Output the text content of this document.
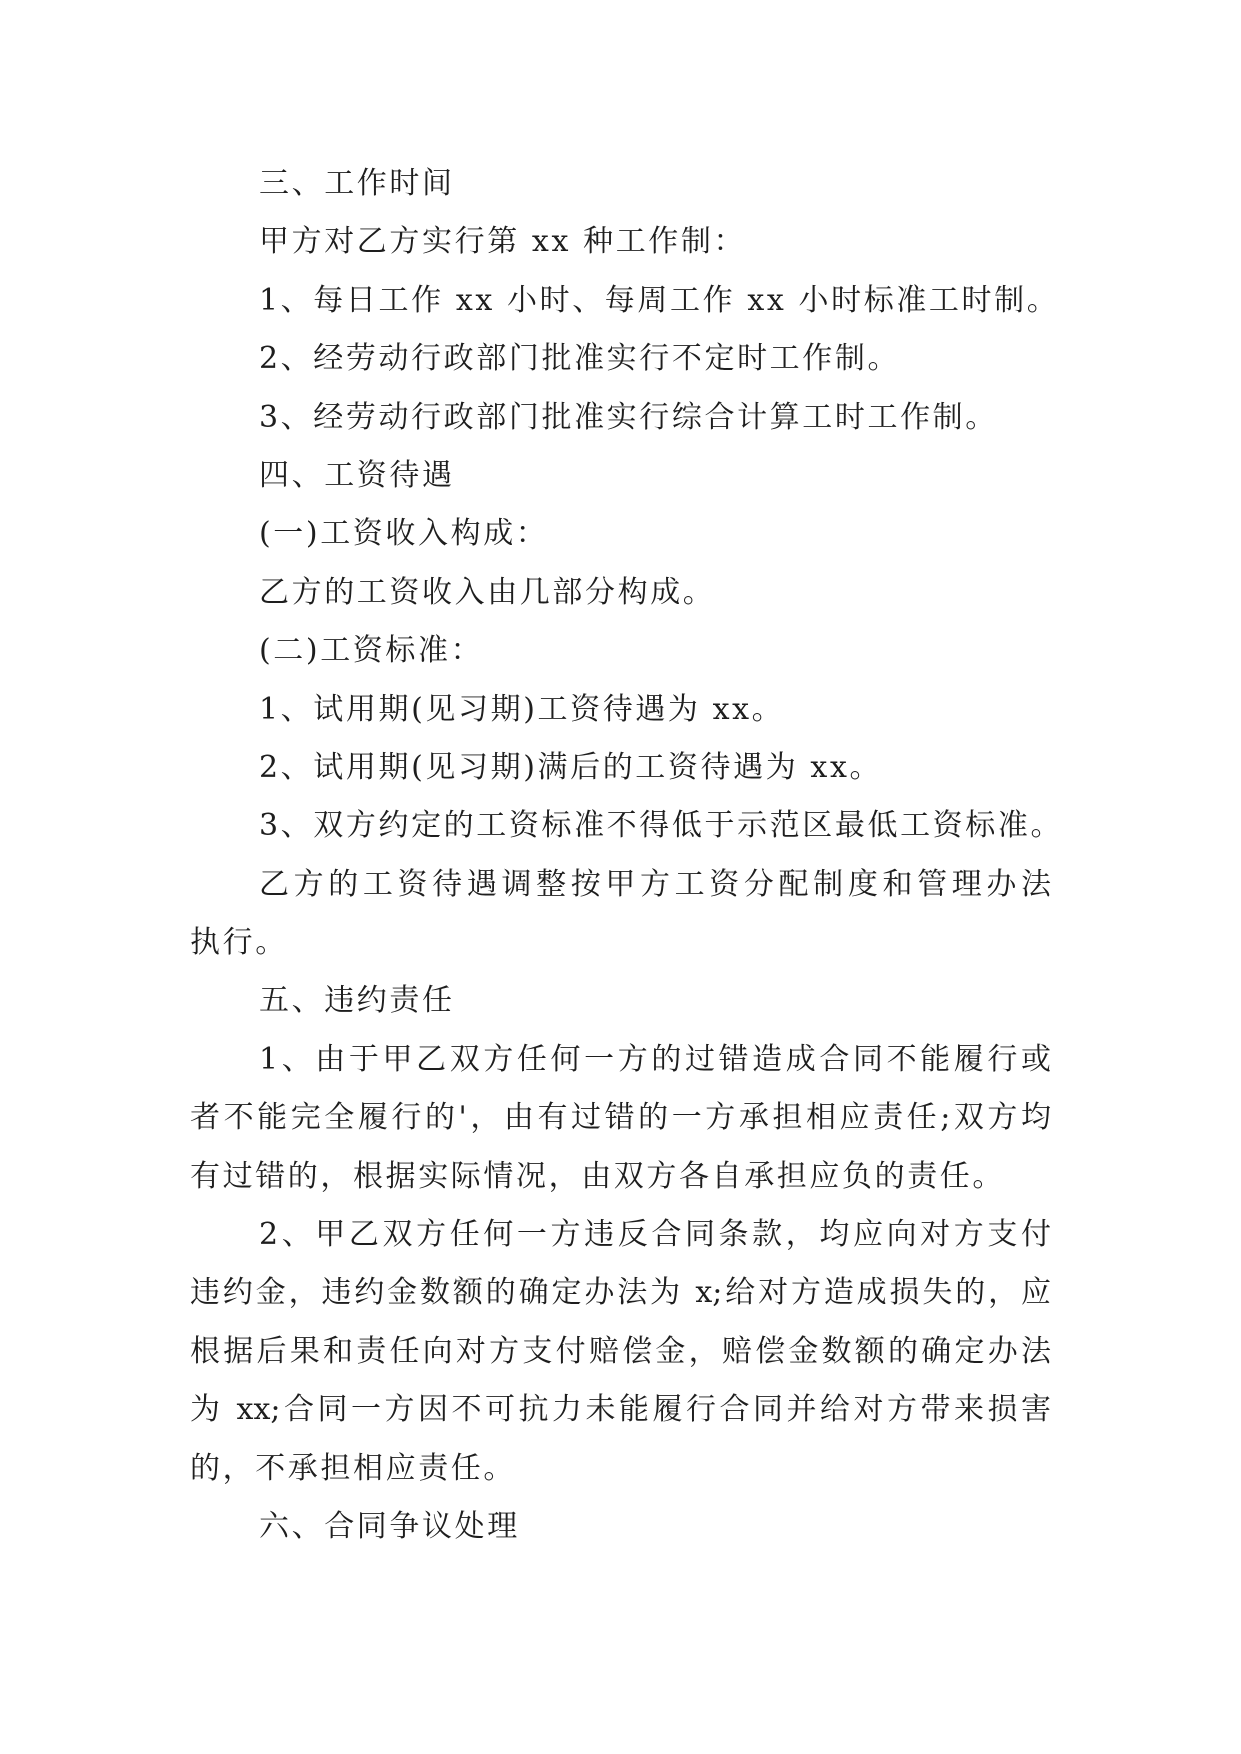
三、工作时间
甲方对乙方实行第 xx 种工作制：
1、每日工作 xx 小时、每周工作 xx 小时标准工时制。
2、经劳动行政部门批准实行不定时工作制。
3、经劳动行政部门批准实行综合计算工时工作制。
四、工资待遇
(一)工资收入构成：
乙方的工资收入由几部分构成。
(二)工资标准：
1、试用期(见习期)工资待遇为 xx。
2、试用期(见习期)满后的工资待遇为 xx。
3、双方约定的工资标准不得低于示范区最低工资标准。
乙方的工资待遇调整按甲方工资分配制度和管理办法
执行。
五、违约责任
1、由于甲乙双方任何一方的过错造成合同不能履行或
者不能完全履行的'，由有过错的一方承担相应责任;双方均
有过错的，根据实际情况，由双方各自承担应负的责任。
2、甲乙双方任何一方违反合同条款，均应向对方支付
违约金，违约金数额的确定办法为 x;给对方造成损失的，应
根据后果和责任向对方支付赔偿金，赔偿金数额的确定办法
为 xx;合同一方因不可抗力未能履行合同并给对方带来损害
的，不承担相应责任。
六、合同争议处理
